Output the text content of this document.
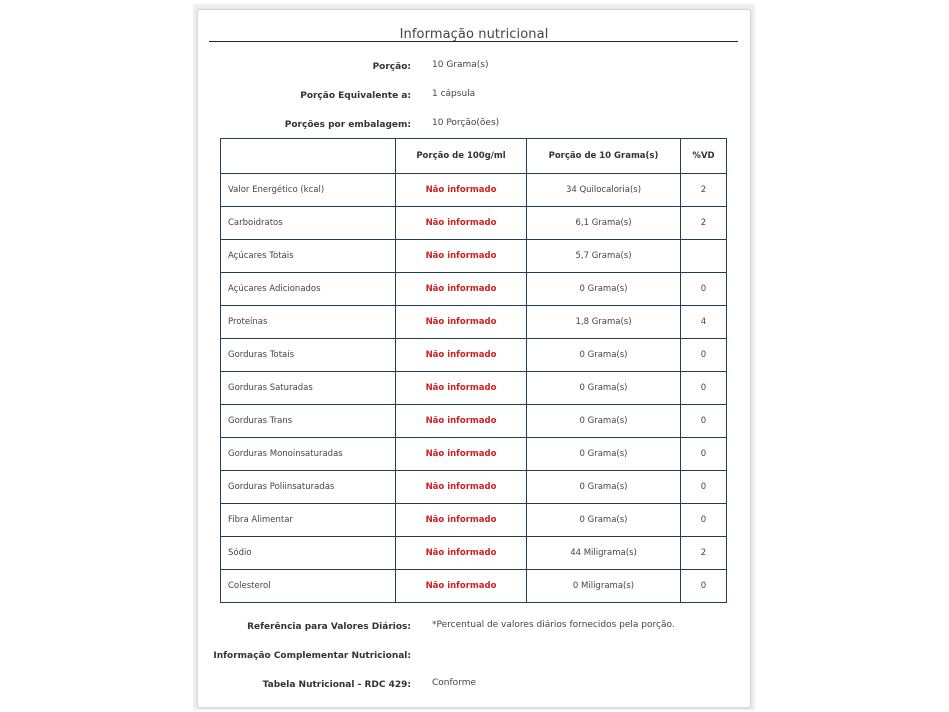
Informação nutricional
Porção: 10 Grama(s)
Porção Equivalente a: 1 cápsula
Porções por embalagem: 10 Porção(ões)
	Porção de 100g/ml	Porção de 10 Grama(s)	%VD
Valor Energético (kcal)	Não informado	34 Quilocaloria(s)	2
Carboidratos	Não informado	6,1 Grama(s)	2
Açúcares Totais	Não informado	5,7 Grama(s)	
Açúcares Adicionados	Não informado	0 Grama(s)	0
Proteínas	Não informado	1,8 Grama(s)	4
Gorduras Totais	Não informado	0 Grama(s)	0
Gorduras Saturadas	Não informado	0 Grama(s)	0
Gorduras Trans	Não informado	0 Grama(s)	0
Gorduras Monoinsaturadas	Não informado	0 Grama(s)	0
Gorduras Poliinsaturadas	Não informado	0 Grama(s)	0
Fibra Alimentar	Não informado	0 Grama(s)	0
Sódio	Não informado	44 Miligrama(s)	2
Colesterol	Não informado	0 Miligrama(s)	0
Referência para Valores Diários: *Percentual de valores diários fornecidos pela porção.
Informação Complementar Nutricional:
Tabela Nutricional - RDC 429: Conforme
